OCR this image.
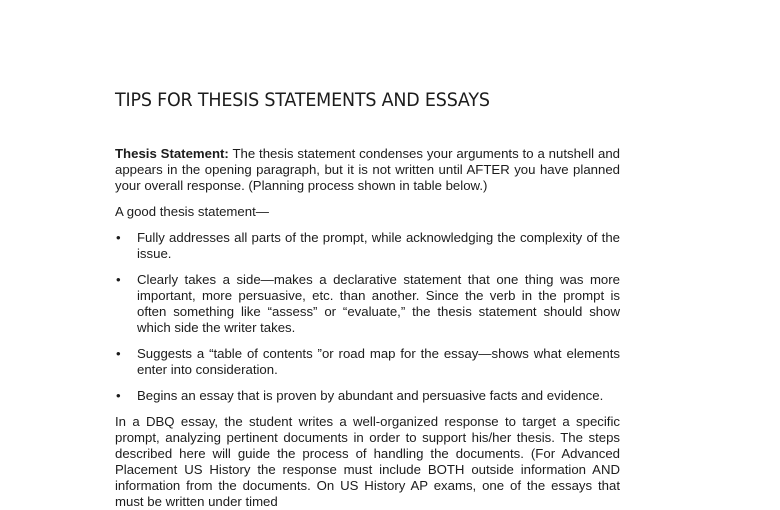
TIPS FOR THESIS STATEMENTS AND ESSAYS

Thesis Statement: The thesis statement condenses your arguments to a nutshell and appears in the opening paragraph, but it is not written until AFTER you have planned your overall response. (Planning process shown in table below.)

A good thesis statement—

• Fully addresses all parts of the prompt, while acknowledging the complexity of the issue.
• Clearly takes a side—makes a declarative statement that one thing was more important, more persuasive, etc. than another. Since the verb in the prompt is often something like “assess” or “evaluate,” the thesis statement should show which side the writer takes.
• Suggests a “table of contents ”or road map for the essay—shows what elements enter into consideration.
• Begins an essay that is proven by abundant and persuasive facts and evidence.

In a DBQ essay, the student writes a well-organized response to target a specific prompt, analyzing pertinent documents in order to support his/her thesis. The steps described here will guide the process of handling the documents. (For Advanced Placement US History the response must include BOTH outside information AND information from the documents. On US History AP exams, one of the essays that must be written under timed
